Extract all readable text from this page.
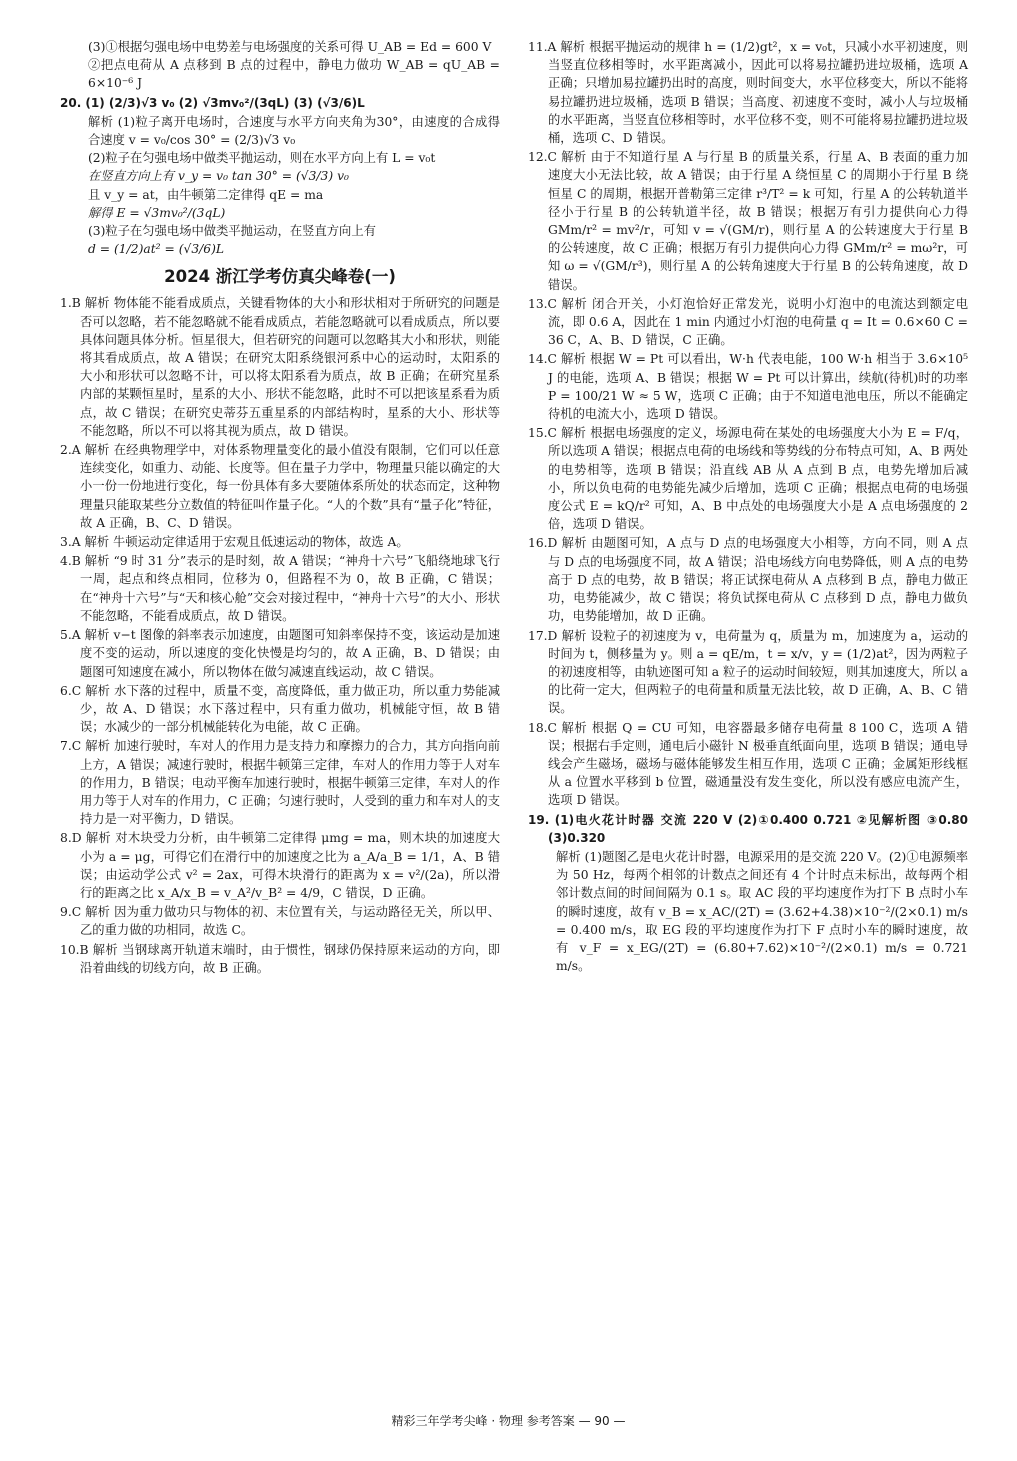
(3)①根据匀强电场中电势差与电场强度的关系可得 U_AB = Ed = 600 V

②把点电荷从 A 点移到 B 点的过程中，静电力做功 W_AB = qU_AB = 6×10⁻⁶ J

20. (1) (2/3)√3 v₀ (2) √3mv₀²/(3qL) (3) (√3/6)L

解析 (1)粒子离开电场时，合速度与水平方向夹角为30°，由速度的合成得合速度 v = v₀/cos 30° = (2/3)√3 v₀

(2)粒子在匀强电场中做类平抛运动，则在水平方向上有 L = v₀t

在竖直方向上有 v_y = v₀ tan 30° = (√3/3) v₀

且 v_y = at，由牛顿第二定律得 qE = ma

解得 E = √3mv₀²/(3qL)

(3)粒子在匀强电场中做类平抛运动，在竖直方向上有

d = (1/2)at² = (√3/6)L

2024 浙江学考仿真尖峰卷(一)

1.B 解析 物体能不能看成质点，关键看物体的大小和形状相对于所研究的问题是否可以忽略，若不能忽略就不能看成质点，若能忽略就可以看成质点，所以要具体问题具体分析。恒星很大，但若研究的问题可以忽略其大小和形状，则能将其看成质点，故 A 错误；在研究太阳系绕银河系中心的运动时，太阳系的大小和形状可以忽略不计，可以将太阳系看为质点，故 B 正确；在研究星系内部的某颗恒星时，星系的大小、形状不能忽略，此时不可以把该星系看为质点，故 C 错误；在研究史蒂芬五重星系的内部结构时，星系的大小、形状等不能忽略，所以不可以将其视为质点，故 D 错误。

2.A 解析 在经典物理学中，对体系物理量变化的最小值没有限制，它们可以任意连续变化，如重力、动能、长度等。但在量子力学中，物理量只能以确定的大小一份一份地进行变化，每一份具体有多大要随体系所处的状态而定，这种物理量只能取某些分立数值的特征叫作量子化。“人的个数”具有“量子化”特征，故 A 正确，B、C、D 错误。

3.A 解析 牛顿运动定律适用于宏观且低速运动的物体，故选 A。

4.B 解析 “9 时 31 分”表示的是时刻，故 A 错误；“神舟十六号”飞船绕地球飞行一周，起点和终点相同，位移为 0，但路程不为 0，故 B 正确，C 错误；在“神舟十六号”与“天和核心舱”交会对接过程中，“神舟十六号”的大小、形状不能忽略，不能看成质点，故 D 错误。

5.A 解析 v−t 图像的斜率表示加速度，由题图可知斜率保持不变，该运动是加速度不变的运动，所以速度的变化快慢是均匀的，故 A 正确，B、D 错误；由题图可知速度在减小，所以物体在做匀减速直线运动，故 C 错误。

6.C 解析 水下落的过程中，质量不变，高度降低，重力做正功，所以重力势能减少，故 A、D 错误；水下落过程中，只有重力做功，机械能守恒，故 B 错误；水减少的一部分机械能转化为电能，故 C 正确。

7.C 解析 加速行驶时，车对人的作用力是支持力和摩擦力的合力，其方向指向前上方，A 错误；减速行驶时，根据牛顿第三定律，车对人的作用力等于人对车的作用力，B 错误；电动平衡车加速行驶时，根据牛顿第三定律，车对人的作用力等于人对车的作用力，C 正确；匀速行驶时，人受到的重力和车对人的支持力是一对平衡力，D 错误。

8.D 解析 对木块受力分析，由牛顿第二定律得 μmg = ma，则木块的加速度大小为 a = μg，可得它们在滑行中的加速度之比为 a_A/a_B = 1/1，A、B 错误；由运动学公式 v² = 2ax，可得木块滑行的距离为 x = v²/(2a)，所以滑行的距离之比 x_A/x_B = v_A²/v_B² = 4/9，C 错误，D 正确。

9.C 解析 因为重力做功只与物体的初、末位置有关，与运动路径无关，所以甲、乙的重力做的功相同，故选 C。

10.B 解析 当钢球离开轨道末端时，由于惯性，钢球仍保持原来运动的方向，即沿着曲线的切线方向，故 B 正确。

11.A 解析 根据平抛运动的规律 h = (1/2)gt²，x = v₀t，只减小水平初速度，则当竖直位移相等时，水平距离减小，因此可以将易拉罐扔进垃圾桶，选项 A 正确；只增加易拉罐扔出时的高度，则时间变大，水平位移变大，所以不能将易拉罐扔进垃圾桶，选项 B 错误；当高度、初速度不变时，减小人与垃圾桶的水平距离，当竖直位移相等时，水平位移不变，则不可能将易拉罐扔进垃圾桶，选项 C、D 错误。

12.C 解析 由于不知道行星 A 与行星 B 的质量关系，行星 A、B 表面的重力加速度大小无法比较，故 A 错误；由于行星 A 绕恒星 C 的周期小于行星 B 绕恒星 C 的周期，根据开普勒第三定律 r³/T² = k 可知，行星 A 的公转轨道半径小于行星 B 的公转轨道半径，故 B 错误；根据万有引力提供向心力得 GMm/r² = mv²/r，可知 v = √(GM/r)，则行星 A 的公转速度大于行星 B 的公转速度，故 C 正确；根据万有引力提供向心力得 GMm/r² = mω²r，可知 ω = √(GM/r³)，则行星 A 的公转角速度大于行星 B 的公转角速度，故 D 错误。

13.C 解析 闭合开关，小灯泡恰好正常发光，说明小灯泡中的电流达到额定电流，即 0.6 A，因此在 1 min 内通过小灯泡的电荷量 q = It = 0.6×60 C = 36 C，A、B、D 错误，C 正确。

14.C 解析 根据 W = Pt 可以看出，W·h 代表电能，100 W·h 相当于 3.6×10⁵ J 的电能，选项 A、B 错误；根据 W = Pt 可以计算出，续航(待机)时的功率 P = 100/21 W ≈ 5 W，选项 C 正确；由于不知道电池电压，所以不能确定待机的电流大小，选项 D 错误。

15.C 解析 根据电场强度的定义，场源电荷在某处的电场强度大小为 E = F/q，所以选项 A 错误；根据点电荷的电场线和等势线的分布特点可知，A、B 两处的电势相等，选项 B 错误；沿直线 AB 从 A 点到 B 点，电势先增加后减小，所以负电荷的电势能先减少后增加，选项 C 正确；根据点电荷的电场强度公式 E = kQ/r² 可知，A、B 中点处的电场强度大小是 A 点电场强度的 2 倍，选项 D 错误。

16.D 解析 由题图可知，A 点与 D 点的电场强度大小相等，方向不同，则 A 点与 D 点的电场强度不同，故 A 错误；沿电场线方向电势降低，则 A 点的电势高于 D 点的电势，故 B 错误；将正试探电荷从 A 点移到 B 点，静电力做正功，电势能减少，故 C 错误；将负试探电荷从 C 点移到 D 点，静电力做负功，电势能增加，故 D 正确。

17.D 解析 设粒子的初速度为 v，电荷量为 q，质量为 m，加速度为 a，运动的时间为 t，侧移量为 y。则 a = qE/m，t = x/v，y = (1/2)at²，因为两粒子的初速度相等，由轨迹图可知 a 粒子的运动时间较短，则其加速度大，所以 a 的比荷一定大，但两粒子的电荷量和质量无法比较，故 D 正确，A、B、C 错误。

18.C 解析 根据 Q = CU 可知，电容器最多储存电荷量 8 100 C，选项 A 错误；根据右手定则，通电后小磁针 N 极垂直纸面向里，选项 B 错误；通电导线会产生磁场，磁场与磁体能够发生相互作用，选项 C 正确；金属矩形线框从 a 位置水平移到 b 位置，磁通量没有发生变化，所以没有感应电流产生，选项 D 错误。

19. (1)电火花计时器 交流 220 V (2)①0.400 0.721 ②见解析图 ③0.80 (3)0.320

解析 (1)题图乙是电火花计时器，电源采用的是交流 220 V。(2)①电源频率为 50 Hz，每两个相邻的计数点之间还有 4 个计时点未标出，故每两个相邻计数点间的时间间隔为 0.1 s。取 AC 段的平均速度作为打下 B 点时小车的瞬时速度，故有 v_B = x_AC/(2T) = (3.62+4.38)×10⁻²/(2×0.1) m/s = 0.400 m/s，取 EG 段的平均速度作为打下 F 点时小车的瞬时速度，故有 v_F = x_EG/(2T) = (6.80+7.62)×10⁻²/(2×0.1) m/s = 0.721 m/s。

精彩三年学考尖峰 · 物理 参考答案 — 90 —
